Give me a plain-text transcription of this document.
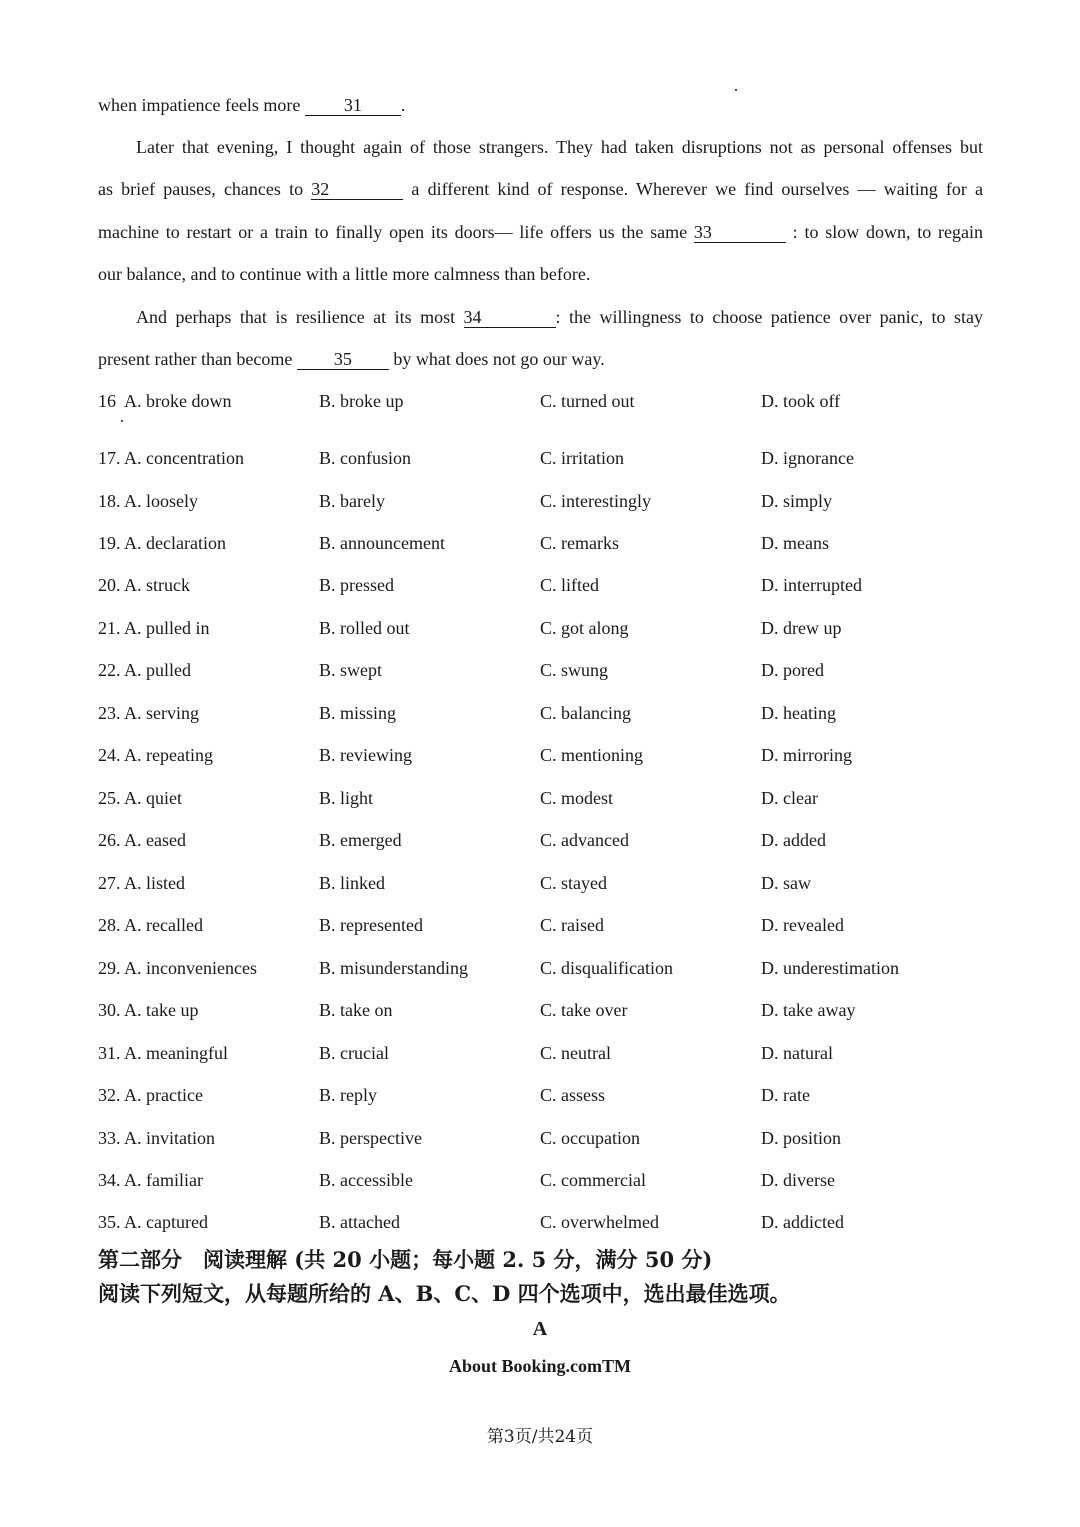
when impatience feels more 31 .
Later that evening, I thought again of those strangers. They had taken disruptions not as personal offenses but
as brief pauses, chances to 32	a different kind of response. Wherever we find ourselves — waiting for a
machine to restart or a train to finally open its doors— life offers us the same 33	: to slow down, to regain
our balance, and to continue with a little more calmness than before.
And perhaps that is resilience at its most 34	: the willingness to choose patience over panic, to stay
present rather than become 35 by what does not go our way.
16 A. broke down	B. broke up	C. turned out	D. took off
17. A. concentration	B. confusion	C. irritation	D. ignorance
18. A. loosely	B. barely	C. interestingly	D. simply
19. A. declaration	B. announcement	C. remarks	D. means
20. A. struck	B. pressed	C. lifted	D. interrupted
21. A. pulled in	B. rolled out	C. got along	D. drew up
22. A. pulled	B. swept	C. swung	D. pored
23. A. serving	B. missing	C. balancing	D. heating
24. A. repeating	B. reviewing	C. mentioning	D. mirroring
25. A. quiet	B. light	C. modest	D. clear
26. A. eased	B. emerged	C. advanced	D. added
27. A. listed	B. linked	C. stayed	D. saw
28. A. recalled	B. represented	C. raised	D. revealed
29. A. inconveniences	B. misunderstanding	C. disqualification	D. underestimation
30. A. take up	B. take on	C. take over	D. take away
31. A. meaningful	B. crucial	C. neutral	D. natural
32. A. practice	B. reply	C. assess	D. rate
33. A. invitation	B. perspective	C. occupation	D. position
34. A. familiar	B. accessible	C. commercial	D. diverse
35. A. captured	B. attached	C. overwhelmed	D. addicted
第二部分　阅读理解 (共 20 小题；每小题 2. 5 分，满分 50 分)
阅读下列短文，从每题所给的 A、B、C、D 四个选项中，选出最佳选项。
A
About Booking.comTM
第3页/共24页
